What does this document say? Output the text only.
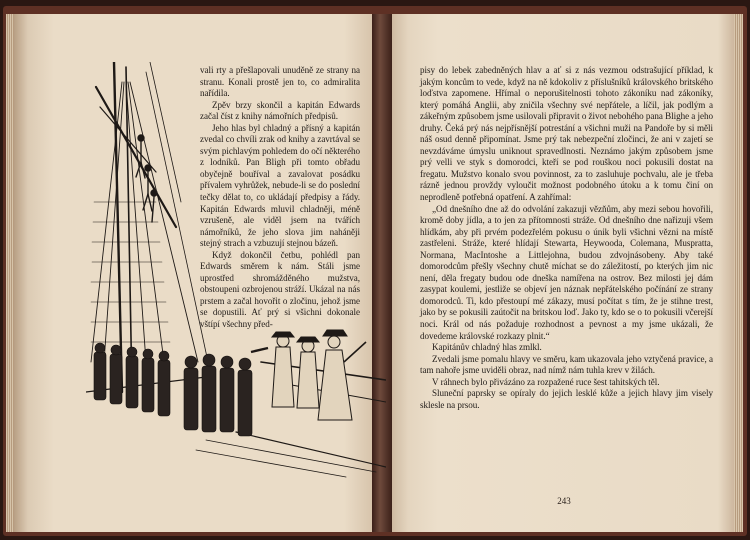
vali rty a přešlapovali unuděně ze strany na stranu. Konali prostě jen to, co admiralita nařídila.

Zpěv brzy skončil a kapitán Edwards začal číst z knihy námořních předpisů.

Jeho hlas byl chladný a přísný a kapitán zvedal co chvíli zrak od knihy a zavrtával se svým pichlavým pohledem do očí některého z lodníků. Pan Bligh při tomto obřadu obyčejně bouříval a zavalovat posádku přívalem vyhrůžek, nebude-li se do poslední tečky dělat to, co ukládají předpisy a řády. Kapitán Edwards mluvil chladněji, méně vzrušeně, ale viděl jsem na tvářích námořníků, že jeho slova jim naháněji stejný strach a vzbuzují stejnou bázeň.

Když dokončil četbu, pohlédl pan Edwards směrem k nám. Stáli jsme uprostřed shromážděného mužstva, obstoupeni ozbrojenou stráží. Ukázal na nás prstem a začal hovořit o zločinu, jehož jsme se dopustili. Ať prý si všichni dokonale vštípí všechny před-

pisy do lebek zabedněných hlav a ať si z nás vezmou odstrašující příklad, k jakým koncům to vede, když na ně kdokoliv z příslušníků královského britského loďstva zapomene. Hřímal o neporušitelnosti tohoto zákoníku nad zákoníky, který pomáhá Anglii, aby zničila všechny své nepřátele, a líčil, jak podlým a zákeřným způsobem jsme usilovali připravit o život nebohého pana Blighe a jeho druhy. Čeká prý nás nejpřísnější potrestání a všichni muži na Pandoře by si měli náš osud denně připomínat. Jsme prý tak nebezpeční zločinci, že ani v zajetí se nevzdáváme úmyslu uniknout spravedlnosti. Neznámo jakým způsobem jsme prý velli ve styk s domorodci, kteří se pod rouškou noci pokusili dostat na fregatu. Mužstvo konalo svou povinnost, za to zasluhuje pochvalu, ale je třeba rázně jednou provždy vyloučit možnost podobného útoku a k tomu činí on neprodleně potřebná opatření. A zahřímal:

„Od dnešního dne až do odvolání zakazuji vězňům, aby mezi sebou hovořili, kromě doby jídla, a to jen za přítomnosti stráže. Od dnešního dne nařizuji všem hlídkám, aby při prvém podezřelém pokusu o únik byli všichni vězni na místě zastřeleni. Stráže, které hlídají Stewarta, Heywooda, Colemana, Muspratta, Normana, MacIntoshe a Littlejohna, budou zdvojnásobeny. Aby také domorodcům přešly všechny chutě míchat se do záležitostí, po kterých jim nic není, děla fregaty budou ode dneška namířena na ostrov. Bez milosti jej dám zasypat koulemi, jestliže se objeví jen náznak nepřátelského počínání ze strany domorodců. Ti, kdo přestoupí mé zákazy, musí počítat s tím, že je stihne trest, jako by se pokusili zaútočit na britskou loď. Jako ty, kdo se o to pokusili včerejší noci. Král od nás požaduje rozhodnost a pevnost a my jsme ukázali, že dovedeme královské rozkazy plnit.“

Kapitánův chladný hlas zmlkl.

Zvedali jsme pomalu hlavy ve směru, kam ukazovala jeho vztyčená pravice, a tam nahoře jsme uviděli obraz, nad nímž nám tuhla krev v žilách.

V ráhnech bylo přivázáno za rozpažené ruce šest tahitských těl.

Sluneční paprsky se opíraly do jejich lesklé kůže a jejich hlavy jim visely sklesle na prsou.

243
